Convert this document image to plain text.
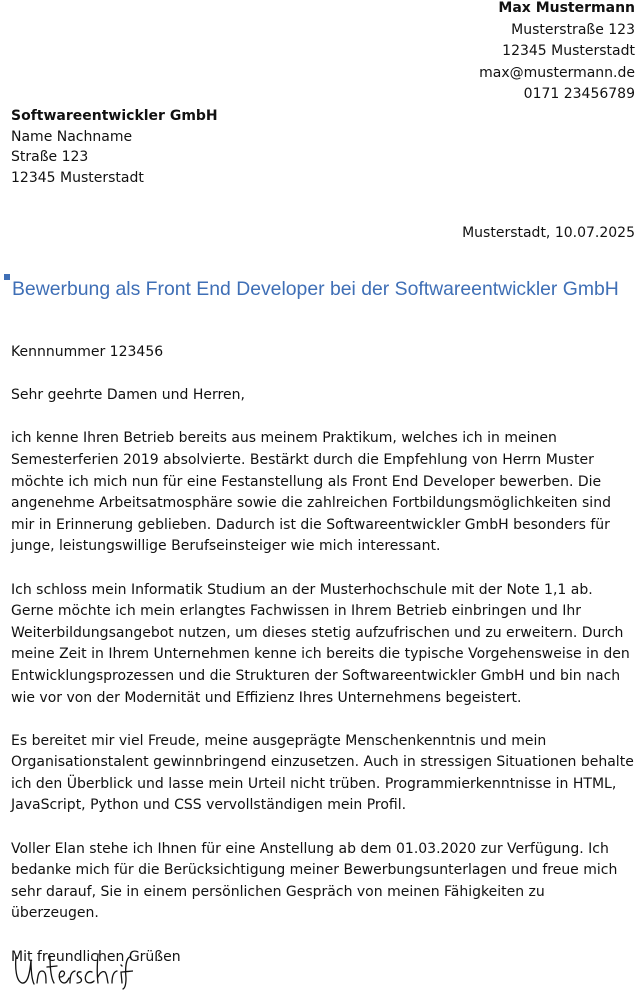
Max Mustermann
Musterstraße 123
12345 Musterstadt
max@mustermann.de
0171 23456789
Softwareentwickler GmbH
Name Nachname
Straße 123
12345 Musterstadt
Musterstadt, 10.07.2025
Bewerbung als Front End Developer bei der Softwareentwickler GmbH

Kennnummer 123456

Sehr geehrte Damen und Herren,

ich kenne Ihren Betrieb bereits aus meinem Praktikum, welches ich in meinen Semesterferien 2019 absolvierte. Bestärkt durch die Empfehlung von Herrn Muster möchte ich mich nun für eine Festanstellung als Front End Developer bewerben. Die angenehme Arbeitsatmosphäre sowie die zahlreichen Fortbildungsmöglichkeiten sind mir in Erinnerung geblieben. Dadurch ist die Softwareentwickler GmbH besonders für junge, leistungswillige Berufseinsteiger wie mich interessant.

Ich schloss mein Informatik Studium an der Musterhochschule mit der Note 1,1 ab. Gerne möchte ich mein erlangtes Fachwissen in Ihrem Betrieb einbringen und Ihr Weiterbildungsangebot nutzen, um dieses stetig aufzufrischen und zu erweitern. Durch meine Zeit in Ihrem Unternehmen kenne ich bereits die typische Vorgehensweise in den Entwicklungsprozessen und die Strukturen der Softwareentwickler GmbH und bin nach wie vor von der Modernität und Effizienz Ihres Unternehmens begeistert.

Es bereitet mir viel Freude, meine ausgeprägte Menschenkenntnis und mein Organisationstalent gewinnbringend einzusetzen. Auch in stressigen Situationen behalte ich den Überblick und lasse mein Urteil nicht trüben. Programmierkenntnisse in HTML, JavaScript, Python und CSS vervollständigen mein Profil.

Voller Elan stehe ich Ihnen für eine Anstellung ab dem 01.03.2020 zur Verfügung. Ich bedanke mich für die Berücksichtigung meiner Bewerbungsunterlagen und freue mich sehr darauf, Sie in einem persönlichen Gespräch von meinen Fähigkeiten zu überzeugen.

Mit freundlichen Grüßen
